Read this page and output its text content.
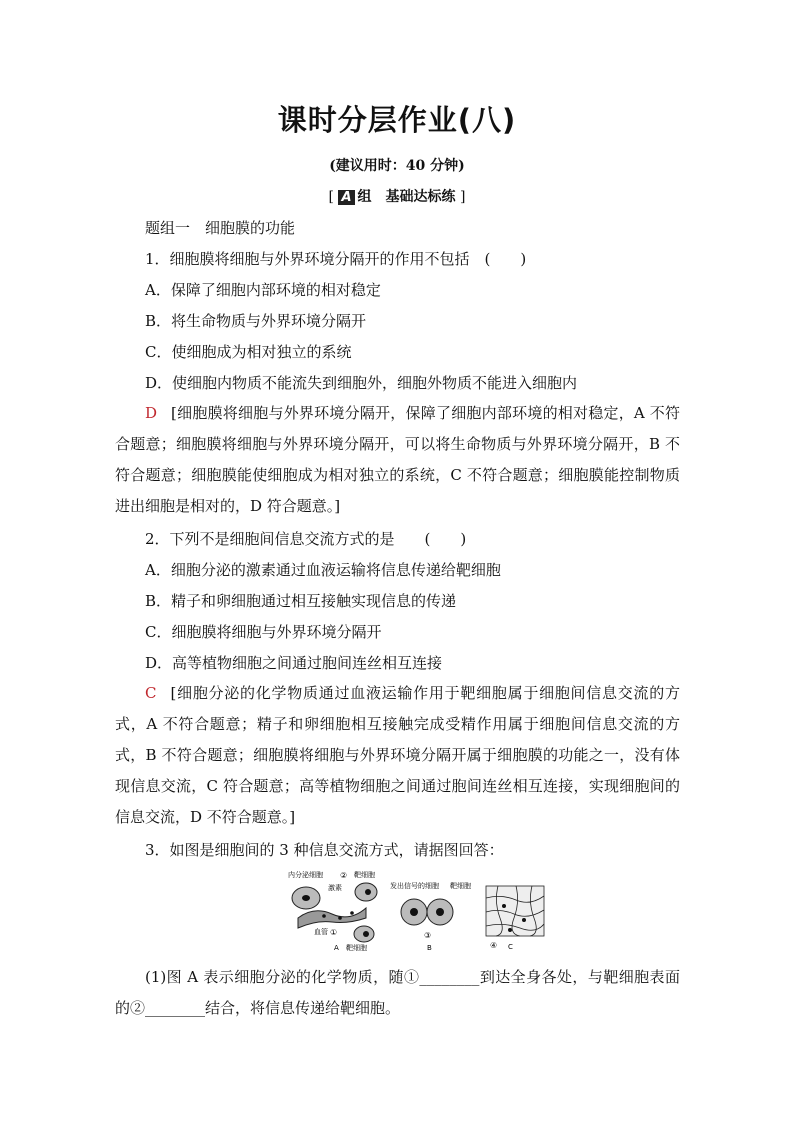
课时分层作业(八)
(建议用时：40 分钟)
[ A 组　基础达标练 ]
题组一　细胞膜的功能
1．细胞膜将细胞与外界环境分隔开的作用不包括　(　　)
A．保障了细胞内部环境的相对稳定
B．将生命物质与外界环境分隔开
C．使细胞成为相对独立的系统
D．使细胞内物质不能流失到细胞外，细胞外物质不能进入细胞内
D [细胞膜将细胞与外界环境分隔开，保障了细胞内部环境的相对稳定，A 不符合题意；细胞膜将细胞与外界环境分隔开，可以将生命物质与外界环境分隔开，B 不符合题意；细胞膜能使细胞成为相对独立的系统，C 不符合题意；细胞膜能控制物质进出细胞是相对的，D 符合题意。]
2．下列不是细胞间信息交流方式的是　　(　　)
A．细胞分泌的激素通过血液运输将信息传递给靶细胞
B．精子和卵细胞通过相互接触实现信息的传递
C．细胞膜将细胞与外界环境分隔开
D．高等植物细胞之间通过胞间连丝相互连接
C [细胞分泌的化学物质通过血液运输作用于靶细胞属于细胞间信息交流的方式，A 不符合题意；精子和卵细胞相互接触完成受精作用属于细胞间信息交流的方式，B 不符合题意；细胞膜将细胞与外界环境分隔开属于细胞膜的功能之一，没有体现信息交流，C 符合题意；高等植物细胞之间通过胞间连丝相互连接，实现细胞间的信息交流，D 不符合题意。]
3．如图是细胞间的 3 种信息交流方式，请据图回答：
内分泌细胞 ② 靶细胞
激素
血管 ①
A 靶细胞
发出信号的细胞 靶细胞
③
B	④ C
(1)图 A 表示细胞分泌的化学物质，随①________到达全身各处，与靶细胞表面的②________结合，将信息传递给靶细胞。
